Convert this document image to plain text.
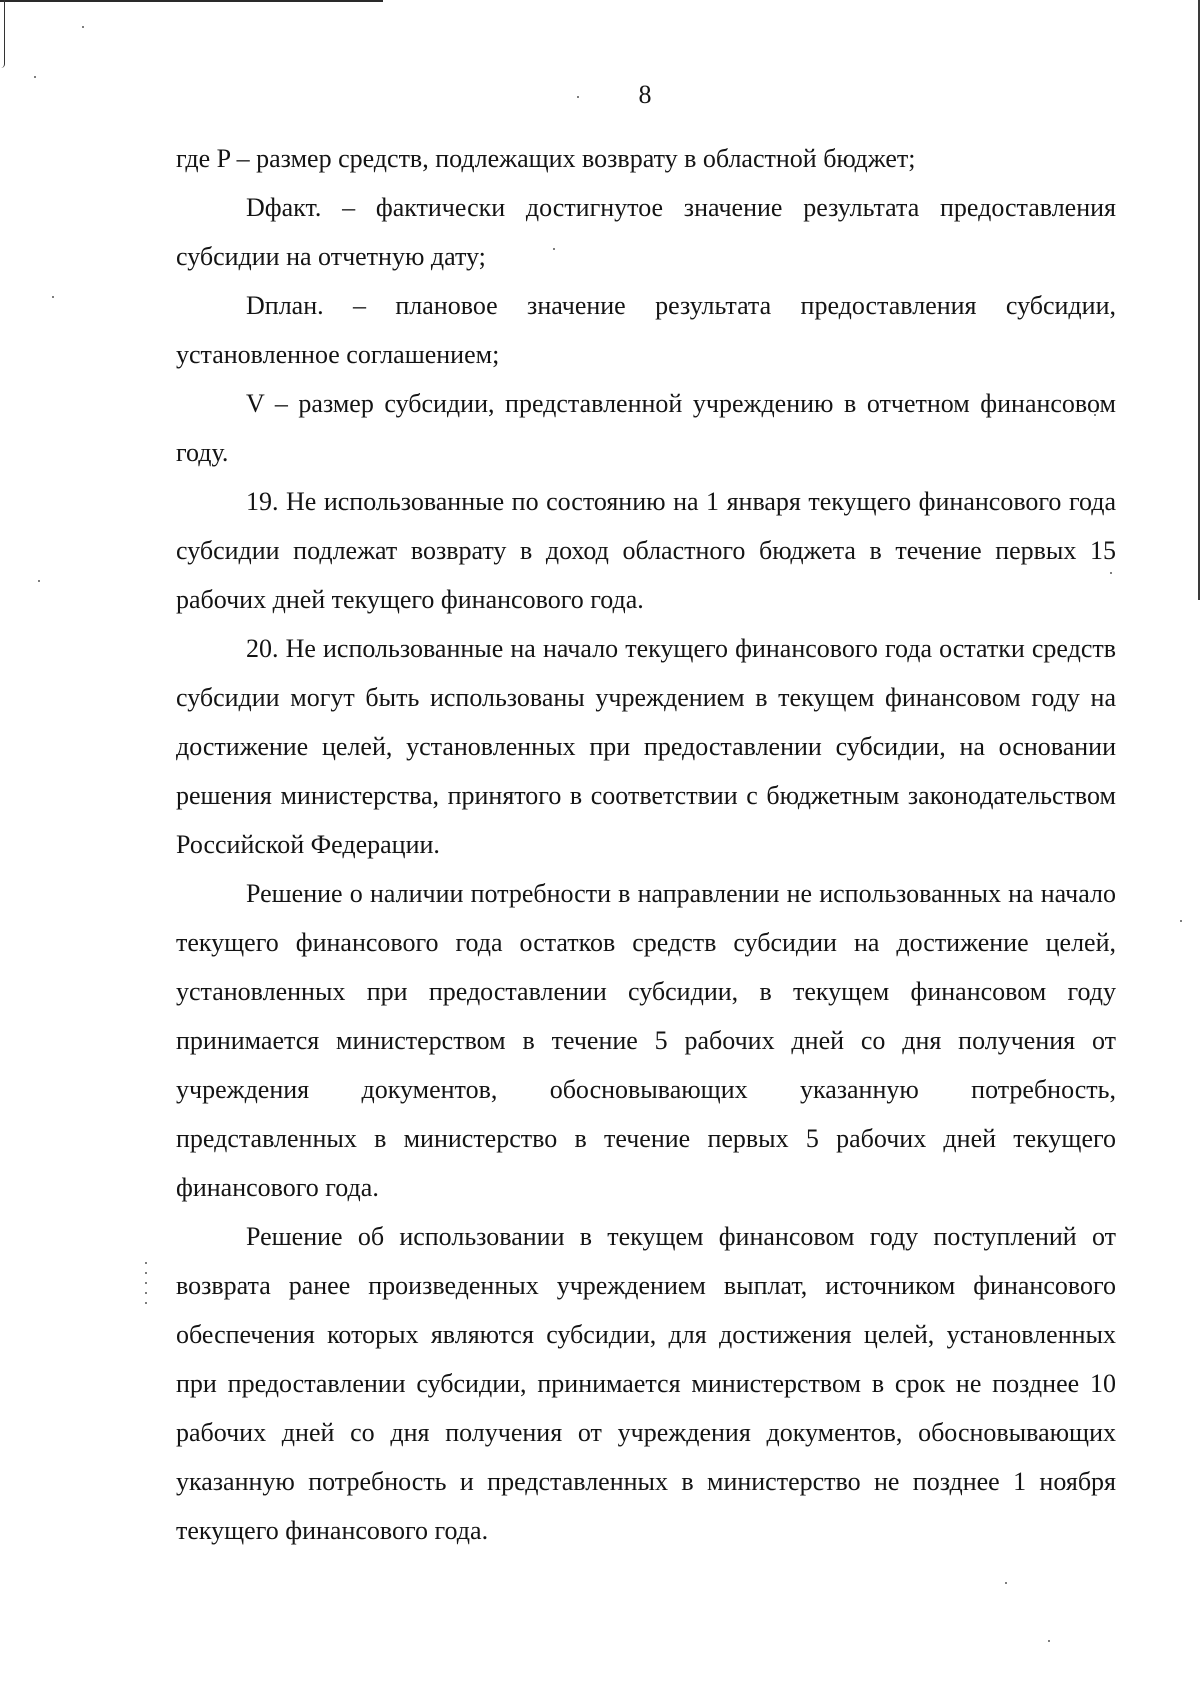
8

где P – размер средств, подлежащих возврату в областной бюджет;

Dфакт. – фактически достигнутое значение результата предоставления субсидии на отчетную дату;

Dплан. – плановое значение результата предоставления субсидии, установленное соглашением;

V – размер субсидии, представленной учреждению в отчетном финансовом году.

19. Не использованные по состоянию на 1 января текущего финансового года субсидии подлежат возврату в доход областного бюджета в течение первых 15 рабочих дней текущего финансового года.

20. Не использованные на начало текущего финансового года остатки средств субсидии могут быть использованы учреждением в текущем финансовом году на достижение целей, установленных при предоставлении субсидии, на основании решения министерства, принятого в соответствии с бюджетным законодательством Российской Федерации.

Решение о наличии потребности в направлении не использованных на начало текущего финансового года остатков средств субсидии на достижение целей, установленных при предоставлении субсидии, в текущем финансовом году принимается министерством в течение 5 рабочих дней со дня получения от учреждения документов, обосновывающих указанную потребность, представленных в министерство в течение первых 5 рабочих дней текущего финансового года.

Решение об использовании в текущем финансовом году поступлений от возврата ранее произведенных учреждением выплат, источником финансового обеспечения которых являются субсидии, для достижения целей, установленных при предоставлении субсидии, принимается министерством в срок не позднее 10 рабочих дней со дня получения от учреждения документов, обосновывающих указанную потребность и представленных в министерство не позднее 1 ноября текущего финансового года.
